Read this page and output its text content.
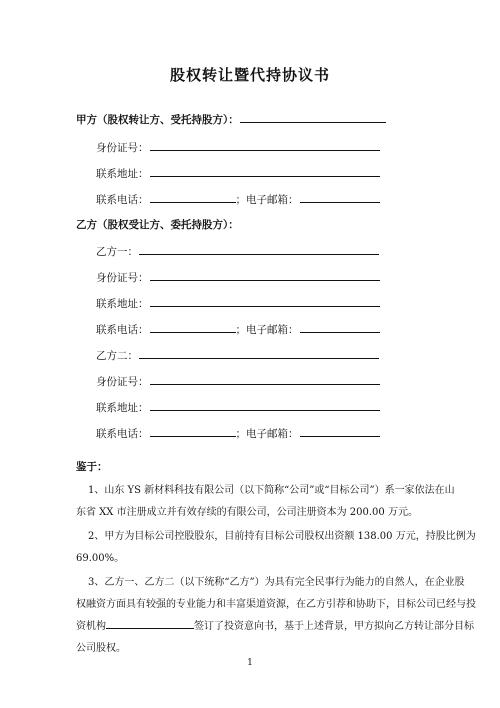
股权转让暨代持协议书
甲方（股权转让方、受托持股方）：
身份证号：
联系地址：
联系电话：	；电子邮箱：
乙方（股权受让方、委托持股方）：
乙方一：
身份证号：
联系地址：
联系电话：	；电子邮箱：
乙方二：
身份证号：
联系地址：
联系电话：	；电子邮箱：
鉴于：
1、山东 YS 新材料科技有限公司（以下简称“公司”或“目标公司”）系一家依法在山
东省 XX 市注册成立并有效存续的有限公司，公司注册资本为 200.00 万元。
2、甲方为目标公司控股股东，目前持有目标公司股权出资额 138.00 万元，持股比例为
69.00%。
3、乙方一、乙方二（以下统称“乙方”）为具有完全民事行为能力的自然人，在企业股
权融资方面具有较强的专业能力和丰富渠道资源，在乙方引荐和协助下，目标公司已经与投
资机构	签订了投资意向书，基于上述背景，甲方拟向乙方转让部分目标
公司股权。
1
